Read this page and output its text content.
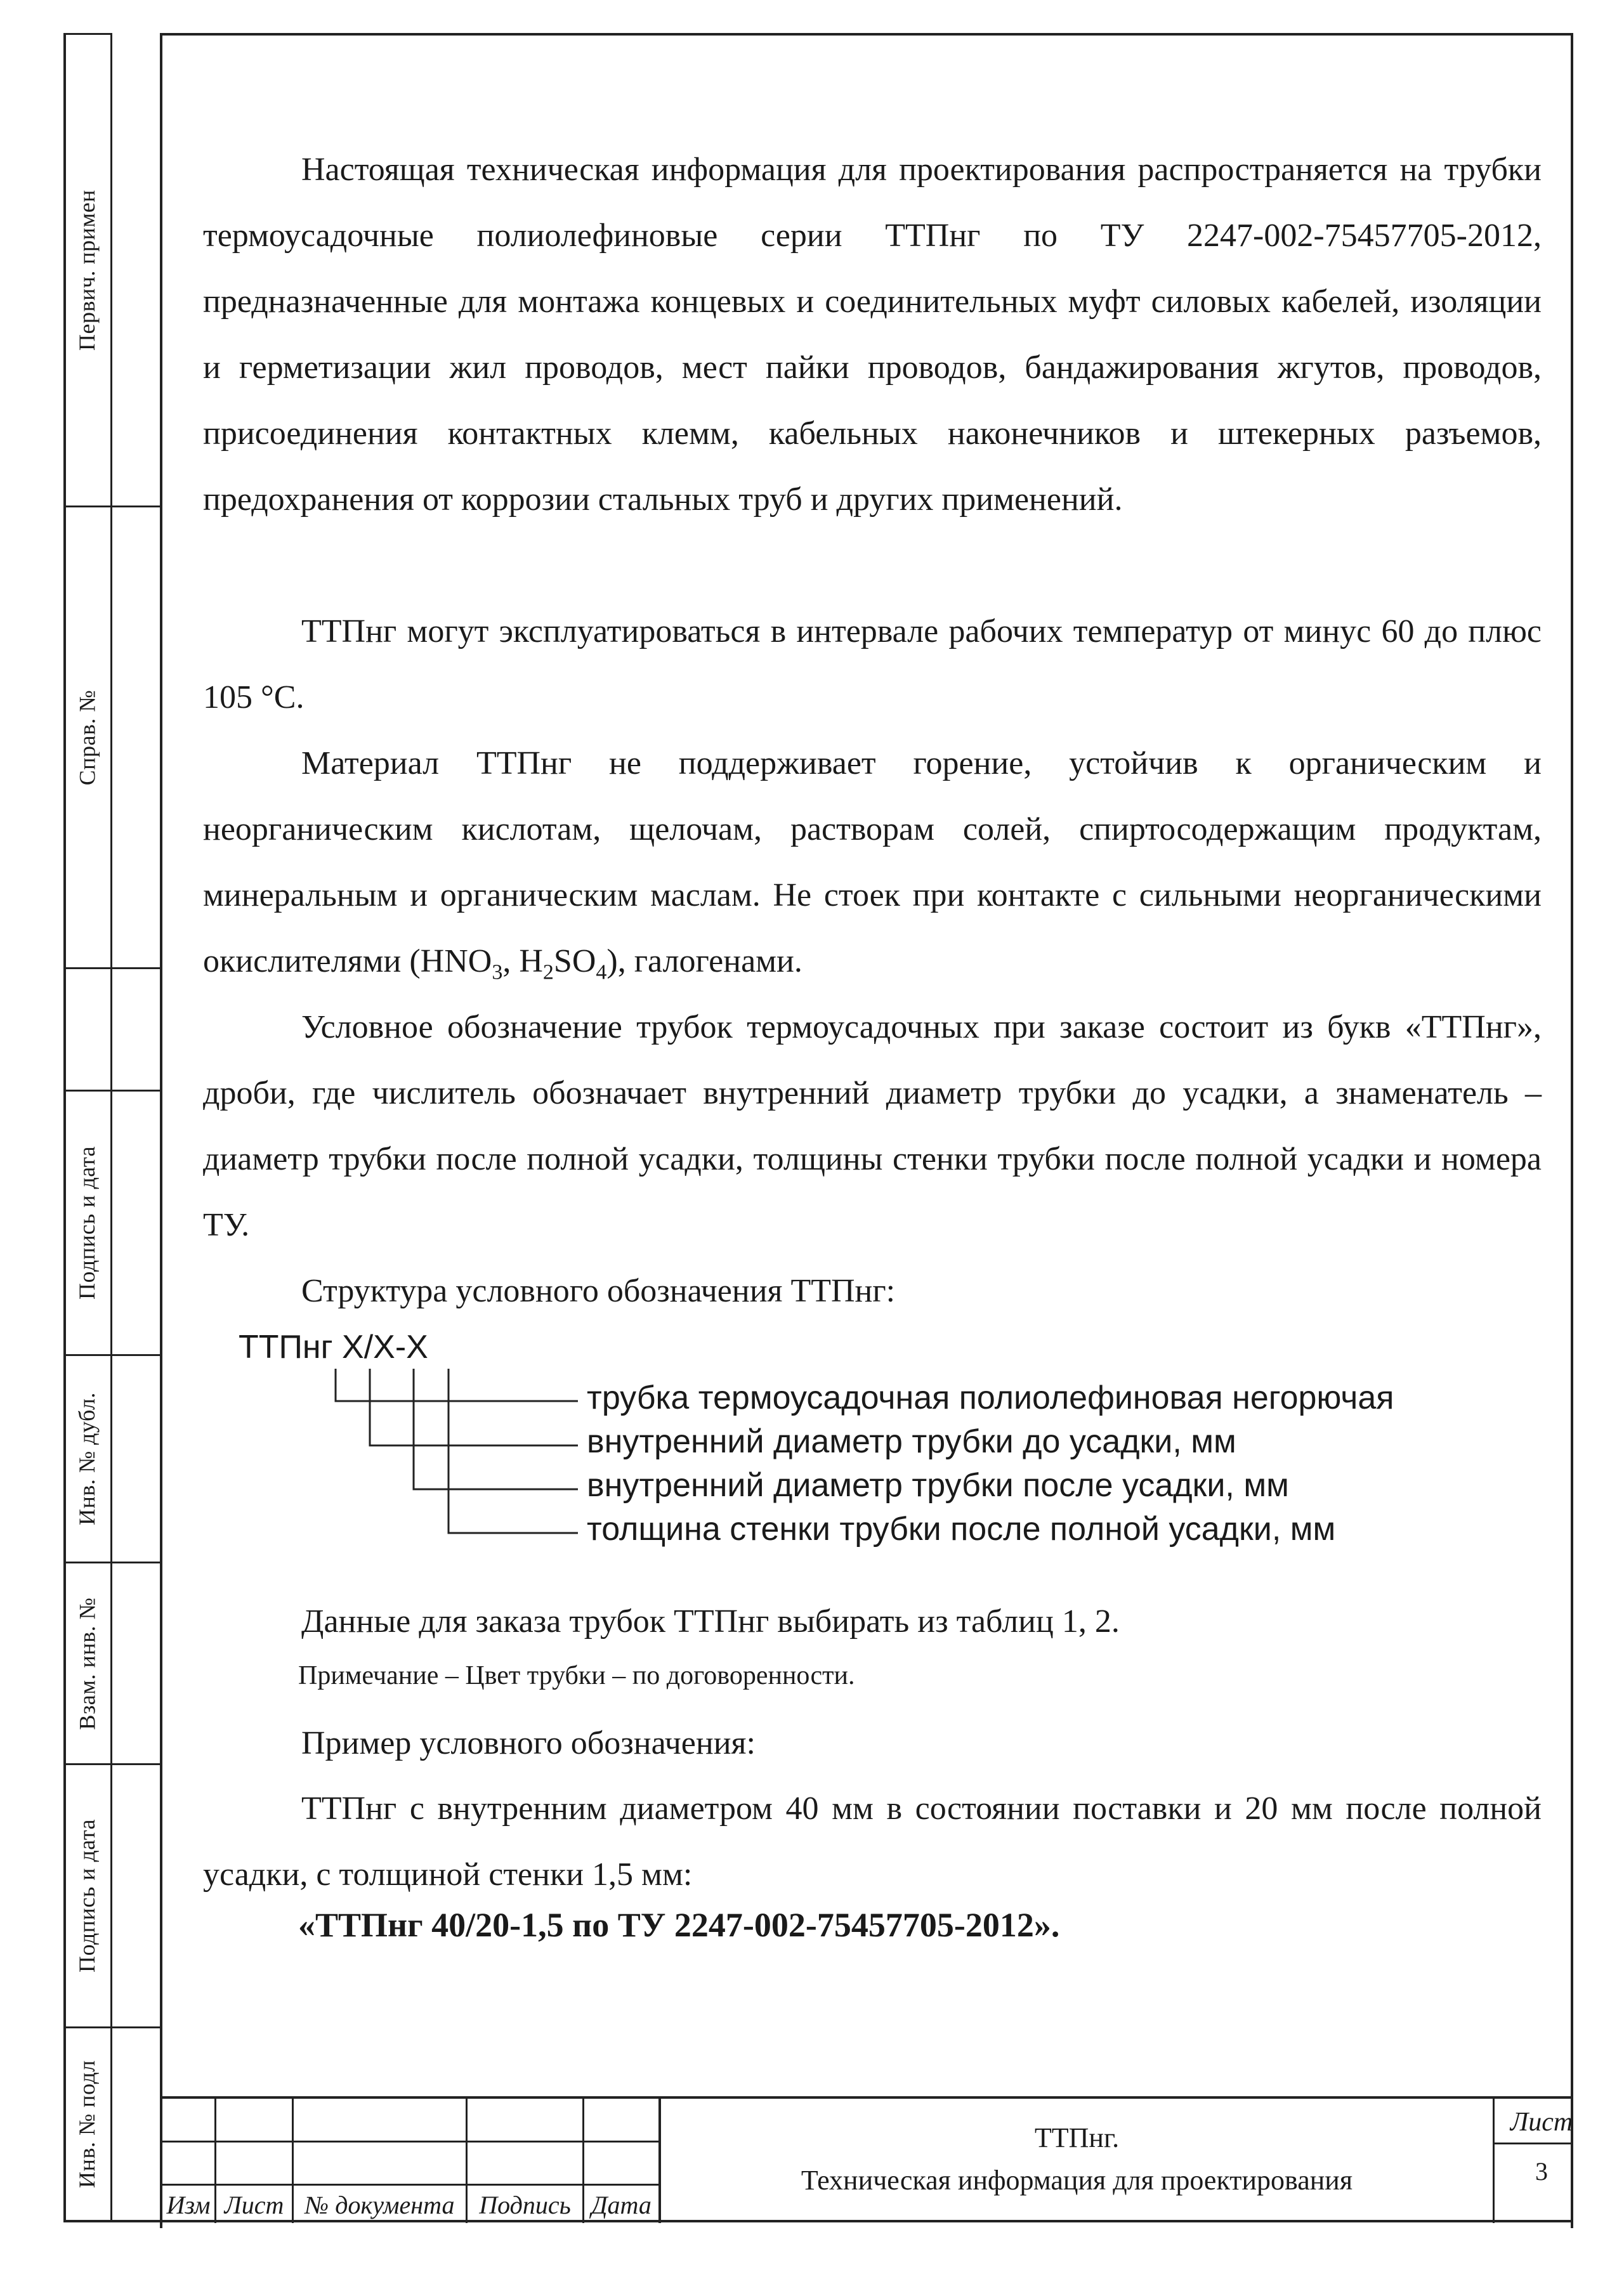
Первич. примен
Справ. №
Подпись и дата
Инв. № дубл.
Взам. инв. №
Подпись и дата
Инв. № подл

Настоящая техническая информация для проектирования распространяется на трубки термоусадочные полиолефиновые серии ТТПнг по ТУ 2247-002-75457705-2012, предназначенные для монтажа концевых и соединительных муфт силовых кабелей, изоляции и герметизации жил проводов, мест пайки проводов, бандажирования жгутов, проводов, присоединения контактных клемм, кабельных наконечников и штекерных разъемов, предохранения от коррозии стальных труб и других применений.

ТТПнг могут эксплуатироваться в интервале рабочих температур от минус 60 до плюс 105 °С.

Материал ТТПнг не поддерживает горение, устойчив к органическим и неорганическим кислотам, щелочам, растворам солей, спиртосодержащим продуктам, минеральным и органическим маслам. Не стоек при контакте с сильными неорганическими окислителями ($HNO_3$, $H_2SO_4$), галогенами.

Условное обозначение трубок термоусадочных при заказе состоит из букв «ТТПнг», дроби, где числитель обозначает внутренний диаметр трубки до усадки, а знаменатель – диаметр трубки после полной усадки, толщины стенки трубки после полной усадки и номера ТУ.

Структура условного обозначения ТТПнг:

ТТПнг X/X-X

трубка термоусадочная полиолефиновая негорючая

внутренний диаметр трубки до усадки, мм

внутренний диаметр трубки после усадки, мм

толщина стенки трубки после полной усадки, мм

Данные для заказа трубок ТТПнг выбирать из таблиц 1, 2.

Примечание – Цвет трубки – по договоренности.

Пример условного обозначения:

ТТПнг с внутренним диаметром 40 мм в состоянии поставки и 20 мм после полной усадки, с толщиной стенки 1,5 мм:

«ТТПнг 40/20-1,5 по ТУ 2247-002-75457705-2012».

Изм Лист № документа Подпись Дата

ТТПнг.

Техническая информация для проектирования

Лист

3
